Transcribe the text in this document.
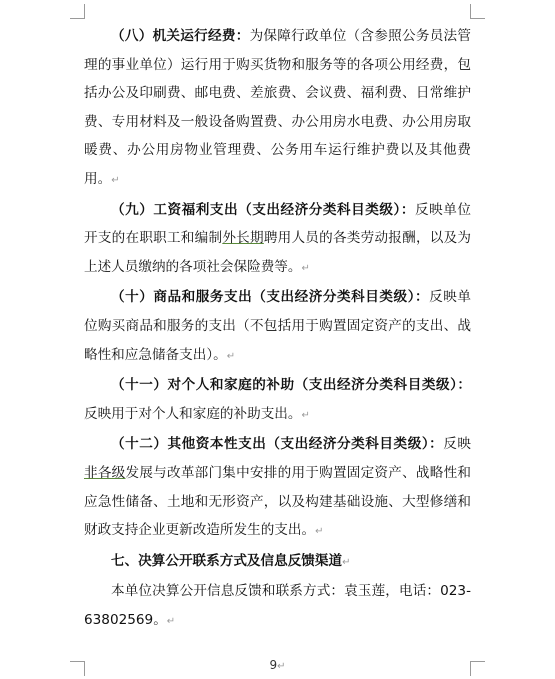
（八）机关运行经费：为保障行政单位（含参照公务员法管理的事业单位）运行用于购买货物和服务等的各项公用经费，包括办公及印刷费、邮电费、差旅费、会议费、福利费、日常维护费、专用材料及一般设备购置费、办公用房水电费、办公用房取暖费、办公用房物业管理费、公务用车运行维护费以及其他费用。↵

（九）工资福利支出（支出经济分类科目类级）：反映单位开支的在职职工和编制外长期聘用人员的各类劳动报酬，以及为上述人员缴纳的各项社会保险费等。↵

（十）商品和服务支出（支出经济分类科目类级）：反映单位购买商品和服务的支出（不包括用于购置固定资产的支出、战略性和应急储备支出）。↵

（十一）对个人和家庭的补助（支出经济分类科目类级）：反映用于对个人和家庭的补助支出。↵

（十二）其他资本性支出（支出经济分类科目类级）：反映非各级发展与改革部门集中安排的用于购置固定资产、战略性和应急性储备、土地和无形资产，以及构建基础设施、大型修缮和财政支持企业更新改造所发生的支出。↵

七、决算公开联系方式及信息反馈渠道↵

本单位决算公开信息反馈和联系方式：袁玉莲，电话：023-63802569。↵

9↵
